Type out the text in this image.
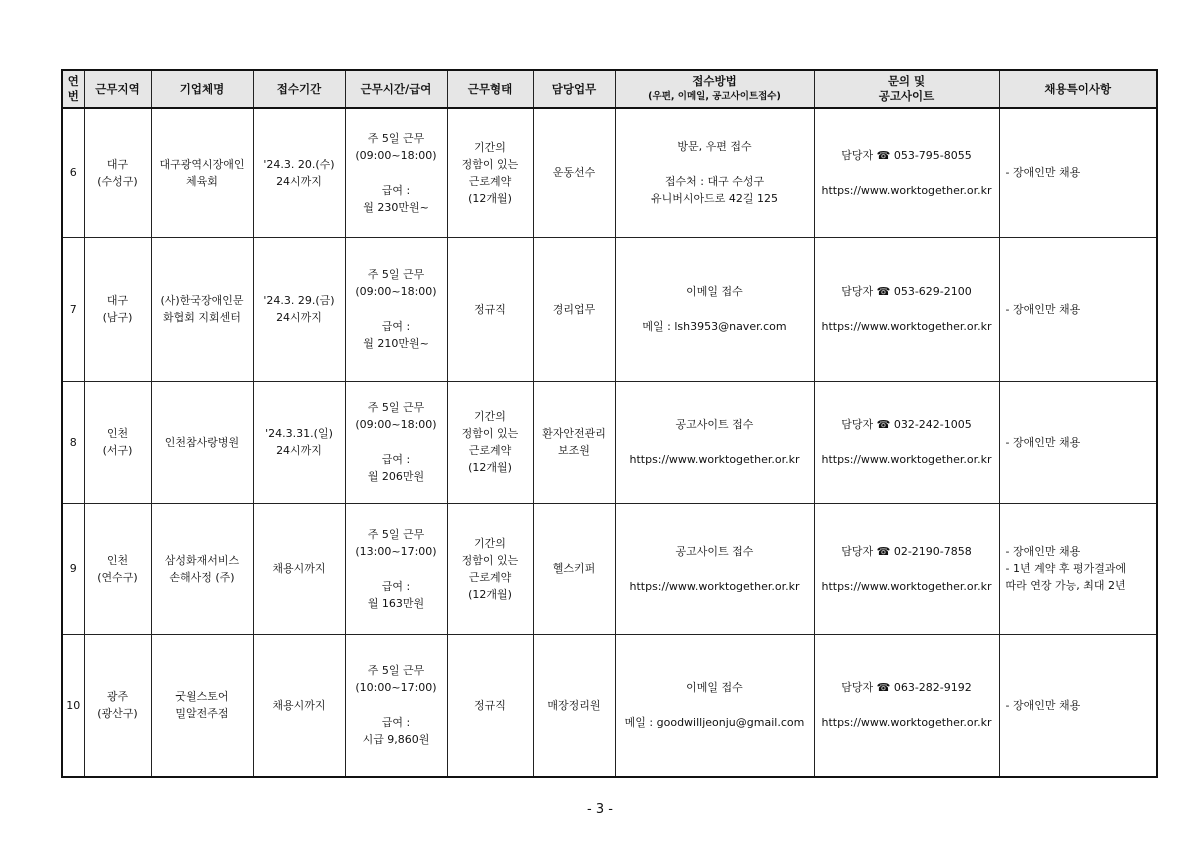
연
번	근무지역	기업체명	접수기간	근무시간/급여	근무형태	담당업무	접수방법
(우편, 이메일, 공고사이트접수)	문의 및
공고사이트	채용특이사항
6	대구
(수성구)	대구광역시장애인
체육회	'24.3. 20.(수)
24시까지	주 5일 근무
(09:00~18:00)
급여 :
월 230만원~	기간의
정함이 있는
근로계약
(12개월)	운동선수	방문, 우편 접수
접수처 : 대구 수성구
유니버시아드로 42길 125	담당자 ☎ 053-795-8055
https://www.worktogether.or.kr	- 장애인만 채용

7	대구
(남구)	(사)한국장애인문
화협회 지회센터	'24.3. 29.(금)
24시까지	주 5일 근무
(09:00~18:00)
급여 :
월 210만원~	정규직	경리업무	이메일 접수
메일 : lsh3953@naver.com	담당자 ☎ 053-629-2100
https://www.worktogether.or.kr	- 장애인만 채용

8	인천
(서구)	인천참사랑병원	'24.3.31.(일)
24시까지	주 5일 근무
(09:00~18:00)
급여 :
월 206만원	기간의
정함이 있는
근로계약
(12개월)	환자안전관리
보조원	공고사이트 접수
https://www.worktogether.or.kr	담당자 ☎ 032-242-1005
https://www.worktogether.or.kr	- 장애인만 채용

9	인천
(연수구)	삼성화재서비스
손해사정 (주)	채용시까지	주 5일 근무
(13:00~17:00)
급여 :
월 163만원	기간의
정함이 있는
근로계약
(12개월)	헬스키퍼	공고사이트 접수
https://www.worktogether.or.kr	담당자 ☎ 02-2190-7858
https://www.worktogether.or.kr	- 장애인만 채용
- 1년 계약 후 평가결과에
따라 연장 가능, 최대 2년

10	광주
(광산구)	굿윌스토어
밀알전주점	채용시까지	주 5일 근무
(10:00~17:00)
급여 :
시급 9,860원	정규직	매장정리원	이메일 접수
메일 : goodwilljeonju@gmail.com	담당자 ☎ 063-282-9192
https://www.worktogether.or.kr	- 장애인만 채용
- 3 -
